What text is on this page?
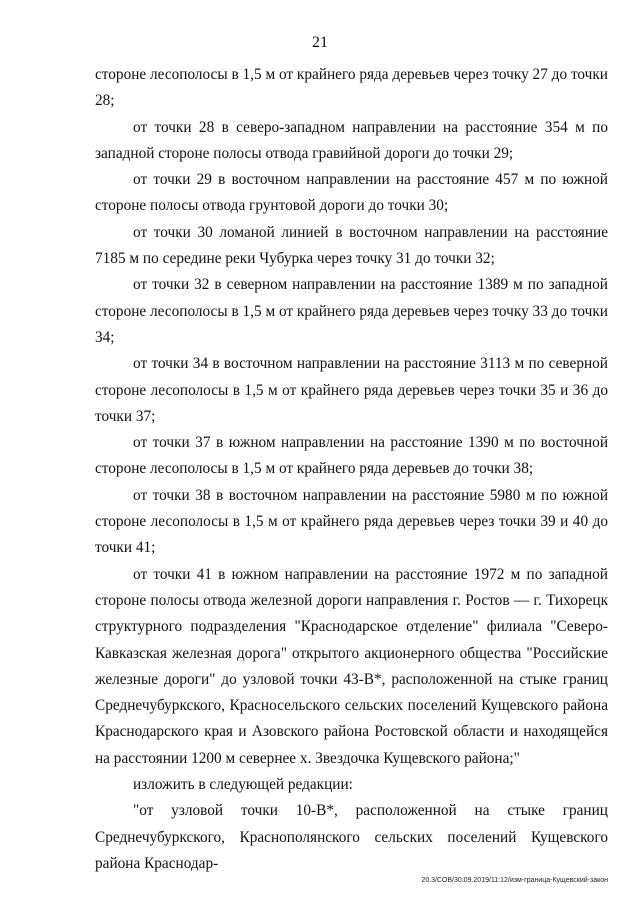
21

стороне лесополосы в 1,5 м от крайнего ряда деревьев через точку 27 до точки 28;

от точки 28 в северо-западном направлении на расстояние 354 м по западной стороне полосы отвода гравийной дороги до точки 29;

от точки 29 в восточном направлении на расстояние 457 м по южной стороне полосы отвода грунтовой дороги до точки 30;

от точки 30 ломаной линией в восточном направлении на расстояние 7185 м по середине реки Чубурка через точку 31 до точки 32;

от точки 32 в северном направлении на расстояние 1389 м по западной стороне лесополосы в 1,5 м от крайнего ряда деревьев через точку 33 до точки 34;

от точки 34 в восточном направлении на расстояние 3113 м по северной стороне лесополосы в 1,5 м от крайнего ряда деревьев через точки 35 и 36 до точки 37;

от точки 37 в южном направлении на расстояние 1390 м по восточной стороне лесополосы в 1,5 м от крайнего ряда деревьев до точки 38;

от точки 38 в восточном направлении на расстояние 5980 м по южной стороне лесополосы в 1,5 м от крайнего ряда деревьев через точки 39 и 40 до точки 41;

от точки 41 в южном направлении на расстояние 1972 м по западной стороне полосы отвода железной дороги направления г. Ростов — г. Тихорецк структурного подразделения "Краснодарское отделение" филиала "Северо-Кавказская железная дорога" открытого акционерного общества "Российские железные дороги" до узловой точки 43-В*, расположенной на стыке границ Среднечубуркского, Красносельского сельских поселений Кущевского района Краснодарского края и Азовского района Ростовской области и находящейся на расстоянии 1200 м севернее х. Звездочка Кущевского района;"

изложить в следующей редакции:

"от узловой точки 10-В*, расположенной на стыке границ Среднечубуркского, Краснополянского сельских поселений Кущевского района Краснодар-

20.3/СОВ/30.09.2019/11:12/изм-граница-Кущевский-закон
